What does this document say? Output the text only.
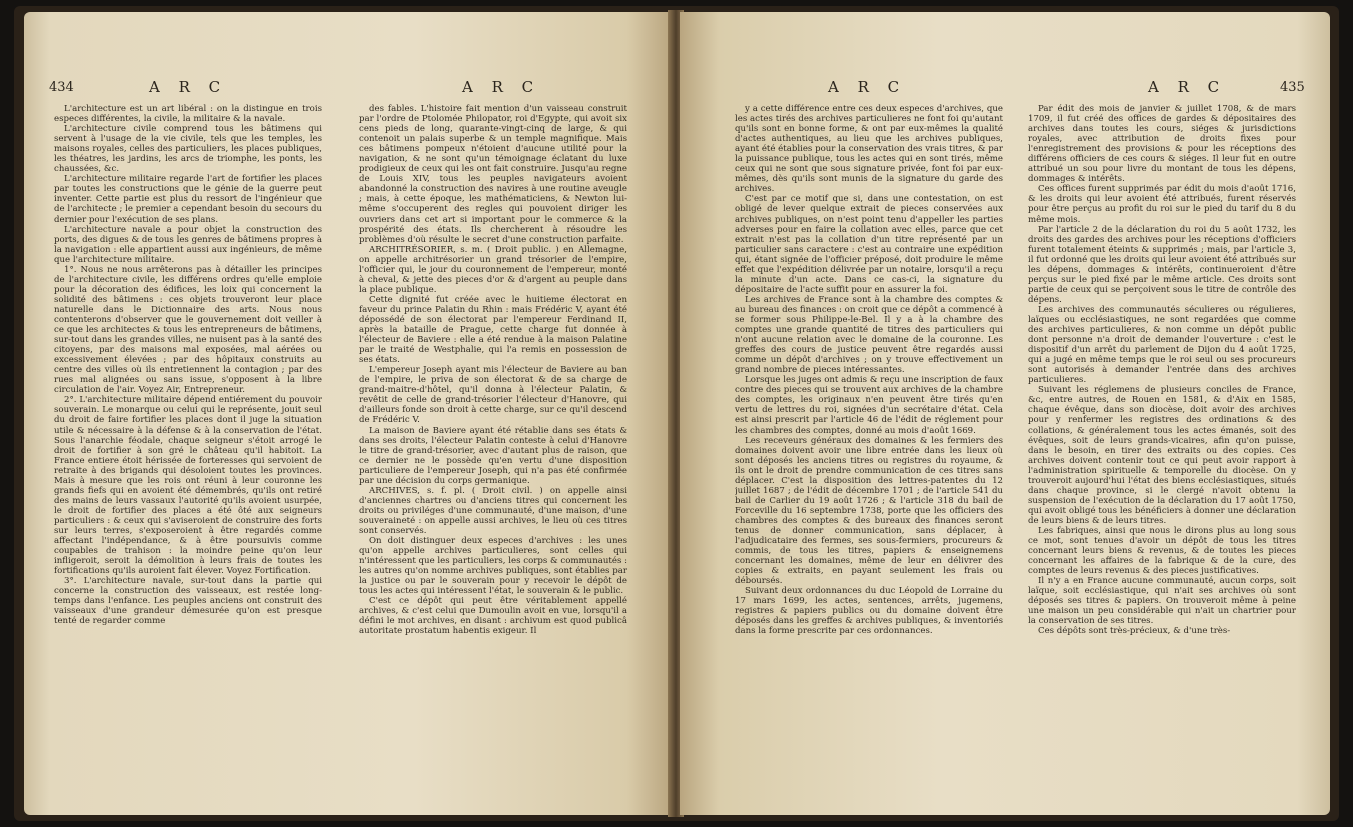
434	A R C	A R C

L'architecture est un art libéral : on la distingue en trois especes différentes, la civile, la militaire & la navale.

L'architecture civile comprend tous les bâtimens qui servent à l'usage de la vie civile, tels que les temples, les maisons royales, celles des particuliers, les places publiques, les théatres, les jardins, les arcs de triomphe, les ponts, les chaussées, &c.

L'architecture militaire regarde l'art de fortifier les places par toutes les constructions que le génie de la guerre peut inventer. Cette partie est plus du ressort de l'ingénieur que de l'architecte ; le premier a cependant besoin du secours du dernier pour l'exécution de ses plans.

L'architecture navale a pour objet la construction des ports, des digues & de tous les genres de bâtimens propres à la navigation : elle appartient aussi aux ingénieurs, de même que l'architecture militaire.

1°. Nous ne nous arrêterons pas à détailler les principes de l'architecture civile, les différens ordres qu'elle emploie pour la décoration des édifices, les loix qui concernent la solidité des bâtimens : ces objets trouveront leur place naturelle dans le Dictionnaire des arts. Nous nous contenterons d'observer que le gouvernement doit veiller à ce que les architectes & tous les entrepreneurs de bâtimens, sur-tout dans les grandes villes, ne nuisent pas à la santé des citoyens, par des maisons mal exposées, mal aérées ou excessivement élevées ; par des hôpitaux construits au centre des villes où ils entretiennent la contagion ; par des rues mal alignées ou sans issue, s'opposent à la libre circulation de l'air. Voyez Air, Entrepreneur.

2°. L'architecture militaire dépend entiérement du pouvoir souverain. Le monarque ou celui qui le représente, jouit seul du droit de faire fortifier les places dont il juge la situation utile & nécessaire à la défense & à la conservation de l'état. Sous l'anarchie féodale, chaque seigneur s'étoit arrogé le droit de fortifier à son gré le château qu'il habitoit. La France entiere étoit hérissée de forteresses qui servoient de retraite à des brigands qui désoloient toutes les provinces. Mais à mesure que les rois ont réuni à leur couronne les grands fiefs qui en avoient été démembrés, qu'ils ont retiré des mains de leurs vassaux l'autorité qu'ils avoient usurpée, le droit de fortifier des places a été ôté aux seigneurs particuliers : & ceux qui s'aviseroient de construire des forts sur leurs terres, s'exposeroient à être regardés comme affectant l'indépendance, & à être poursuivis comme coupables de trahison : la moindre peine qu'on leur infligeroit, seroit la démolition à leurs frais de toutes les fortifications qu'ils auroient fait élever. Voyez Fortification.

3°. L'architecture navale, sur-tout dans la partie qui concerne la construction des vaisseaux, est restée long-temps dans l'enfance. Les peuples anciens ont construit des vaisseaux d'une grandeur démesurée qu'on est presque tenté de regarder comme

des fables. L'histoire fait mention d'un vaisseau construit par l'ordre de Ptolomée Philopator, roi d'Egypte, qui avoit six cens pieds de long, quarante-vingt-cinq de large, & qui contenoit un palais superbe & un temple magnifique. Mais ces bâtimens pompeux n'étoient d'aucune utilité pour la navigation, & ne sont qu'un témoignage éclatant du luxe prodigieux de ceux qui les ont fait construire. Jusqu'au regne de Louis XIV, tous les peuples navigateurs avoient abandonné la construction des navires à une routine aveugle ; mais, à cette époque, les mathématiciens, & Newton lui-même s'occuperent des regles qui pouvoient diriger les ouvriers dans cet art si important pour le commerce & la prospérité des états. Ils chercherent à résoudre les problèmes d'où résulte le secret d'une construction parfaite.

ARCHITRÉSORIER, s. m. ( Droit public. ) en Allemagne, on appelle architrésorier un grand trésorier de l'empire, l'officier qui, le jour du couronnement de l'empereur, monté à cheval, & jette des pieces d'or & d'argent au peuple dans la place publique.

Cette dignité fut créée avec le huitieme électorat en faveur du prince Palatin du Rhin : mais Frédéric V, ayant été dépossédé de son électorat par l'empereur Ferdinand II, après la bataille de Prague, cette charge fut donnée à l'électeur de Baviere : elle a été rendue à la maison Palatine par le traité de Westphalie, qui l'a remis en possession de ses états.

L'empereur Joseph ayant mis l'électeur de Baviere au ban de l'empire, le priva de son électorat & de sa charge de grand-maitre-d'hôtel, qu'il donna à l'électeur Palatin, & revêtit de celle de grand-trésorier l'électeur d'Hanovre, qui d'ailleurs fonde son droit à cette charge, sur ce qu'il descend de Frédéric V.

La maison de Baviere ayant été rétablie dans ses états & dans ses droits, l'électeur Palatin conteste à celui d'Hanovre le titre de grand-trésorier, avec d'autant plus de raison, que ce dernier ne le possède qu'en vertu d'une disposition particuliere de l'empereur Joseph, qui n'a pas été confirmée par une décision du corps germanique.

ARCHIVES, s. f. pl. ( Droit civil. ) on appelle ainsi d'anciennes chartres ou d'anciens titres qui concernent les droits ou priviléges d'une communauté, d'une maison, d'une souveraineté : on appelle aussi archives, le lieu où ces titres sont conservés.

On doit distinguer deux especes d'archives : les unes qu'on appelle archives particulieres, sont celles qui n'intéressent que les particuliers, les corps & communautés : les autres qu'on nomme archives publiques, sont établies par la justice ou par le souverain pour y recevoir le dépôt de tous les actes qui intéressent l'état, le souverain & le public.

C'est ce dépôt qui peut être véritablement appellé archives, & c'est celui que Dumoulin avoit en vue, lorsqu'il a défini le mot archives, en disant : archivum est quod publicâ autoritate prostatum habentis exigeur. Il

A R C	A R C	435

y a cette différence entre ces deux especes d'archives, que les actes tirés des archives particulieres ne font foi qu'autant qu'ils sont en bonne forme, & ont par eux-mêmes la qualité d'actes authentiques, au lieu que les archives publiques, ayant été établies pour la conservation des vrais titres, & par la puissance publique, tous les actes qui en sont tirés, même ceux qui ne sont que sous signature privée, font foi par eux-mêmes, dès qu'ils sont munis de la signature du garde des archives.

C'est par ce motif que si, dans une contestation, on est obligé de lever quelque extrait de pieces conservées aux archives publiques, on n'est point tenu d'appeller les parties adverses pour en faire la collation avec elles, parce que cet extrait n'est pas la collation d'un titre représenté par un particulier sans caractere : c'est au contraire une expédition qui, étant signée de l'officier préposé, doit produire le même effet que l'expédition délivrée par un notaire, lorsqu'il a reçu la minute d'un acte. Dans ce cas-ci, la signature du dépositaire de l'acte suffit pour en assurer la foi.

Les archives de France sont à la chambre des comptes & au bureau des finances : on croit que ce dépôt a commencé à se former sous Philippe-le-Bel. Il y a à la chambre des comptes une grande quantité de titres des particuliers qui n'ont aucune relation avec le domaine de la couronne. Les greffes des cours de justice peuvent être regardés aussi comme un dépôt d'archives ; on y trouve effectivement un grand nombre de pieces intéressantes.

Lorsque les juges ont admis & reçu une inscription de faux contre des pieces qui se trouvent aux archives de la chambre des comptes, les originaux n'en peuvent être tirés qu'en vertu de lettres du roi, signées d'un secrétaire d'état. Cela est ainsi prescrit par l'article 46 de l'édit de réglement pour les chambres des comptes, donné au mois d'août 1669.

Les receveurs généraux des domaines & les fermiers des domaines doivent avoir une libre entrée dans les lieux où sont déposés les anciens titres ou registres du royaume, & ils ont le droit de prendre communication de ces titres sans déplacer. C'est la disposition des lettres-patentes du 12 juillet 1687 ; de l'édit de décembre 1701 ; de l'article 541 du bail de Carlier du 19 août 1726 ; & l'article 318 du bail de Forceville du 16 septembre 1738, porte que les officiers des chambres des comptes & des bureaux des finances seront tenus de donner communication, sans déplacer, à l'adjudicataire des fermes, ses sous-fermiers, procureurs & commis, de tous les titres, papiers & enseignemens concernant les domaines, même de leur en délivrer des copies & extraits, en payant seulement les frais ou déboursés.

Suivant deux ordonnances du duc Léopold de Lorraine du 17 mars 1699, les actes, sentences, arrêts, jugemens, registres & papiers publics ou du domaine doivent être déposés dans les greffes & archives publiques, & inventoriés dans la forme prescrite par ces ordonnances.

Par édit des mois de janvier & juillet 1708, & de mars 1709, il fut créé des offices de gardes & dépositaires des archives dans toutes les cours, siéges & jurisdictions royales, avec attribution de droits fixes pour l'enregistrement des provisions & pour les réceptions des différens officiers de ces cours & siéges. Il leur fut en outre attribué un sou pour livre du montant de tous les dépens, dommages & intérêts.

Ces offices furent supprimés par édit du mois d'août 1716, & les droits qui leur avoient été attribués, furent réservés pour être perçus au profit du roi sur le pied du tarif du 8 du même mois.

Par l'article 2 de la déclaration du roi du 5 août 1732, les droits des gardes des archives pour les réceptions d'officiers furent totalement éteints & supprimés ; mais, par l'article 3, il fut ordonné que les droits qui leur avoient été attribués sur les dépens, dommages & intérêts, continueroient d'être perçus sur le pied fixé par le même article. Ces droits sont partie de ceux qui se perçoivent sous le titre de contrôle des dépens.

Les archives des communautés séculieres ou régulieres, laïques ou ecclésiastiques, ne sont regardées que comme des archives particulieres, & non comme un dépôt public dont personne n'a droit de demander l'ouverture : c'est le dispositif d'un arrêt du parlement de Dijon du 4 août 1725, qui a jugé en même temps que le roi seul ou ses procureurs sont autorisés à demander l'entrée dans des archives particulieres.

Suivant les réglemens de plusieurs conciles de France, &c, entre autres, de Rouen en 1581, & d'Aix en 1585, chaque évêque, dans son diocèse, doit avoir des archives pour y renfermer les registres des ordinations & des collations, & généralement tous les actes émanés, soit des évêques, soit de leurs grands-vicaires, afin qu'on puisse, dans le besoin, en tirer des extraits ou des copies. Ces archives doivent contenir tout ce qui peut avoir rapport à l'administration spirituelle & temporelle du diocèse. On y trouveroit aujourd'hui l'état des biens ecclésiastiques, situés dans chaque province, si le clergé n'avoit obtenu la suspension de l'exécution de la déclaration du 17 août 1750, qui avoit obligé tous les bénéficiers à donner une déclaration de leurs biens & de leurs titres.

Les fabriques, ainsi que nous le dirons plus au long sous ce mot, sont tenues d'avoir un dépôt de tous les titres concernant leurs biens & revenus, & de toutes les pieces concernant les affaires de la fabrique & de la cure, des comptes de leurs revenus & des pieces justificatives.

Il n'y a en France aucune communauté, aucun corps, soit laïque, soit ecclésiastique, qui n'ait ses archives où sont déposés ses titres & papiers. On trouveroit même à peine une maison un peu considérable qui n'ait un chartrier pour la conservation de ses titres.

Ces dépôts sont très-précieux, & d'une très-
